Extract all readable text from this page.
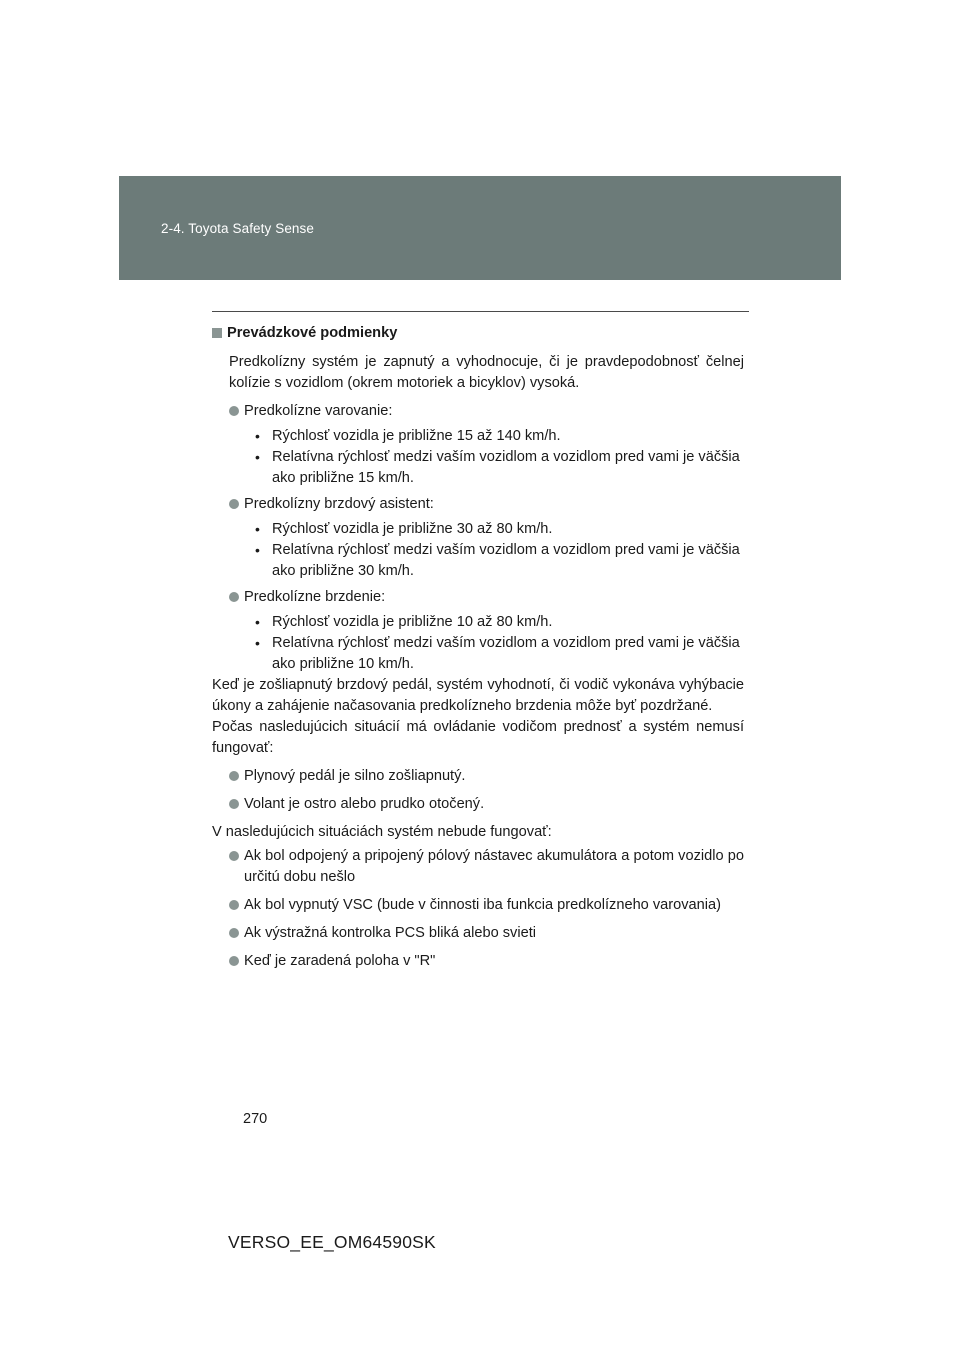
2-4. Toyota Safety Sense
Prevádzkové podmienky
Predkolízny systém je zapnutý a vyhodnocuje, či je pravdepodobnosť čelnej kolízie s vozidlom (okrem motoriek a bicyklov) vysoká.
Predkolízne varovanie:
• Rýchlosť vozidla je približne 15 až 140 km/h.
• Relatívna rýchlosť medzi vaším vozidlom a vozidlom pred vami je väčšia ako približne 15 km/h.
Predkolízny brzdový asistent:
• Rýchlosť vozidla je približne 30 až 80 km/h.
• Relatívna rýchlosť medzi vaším vozidlom a vozidlom pred vami je väčšia ako približne 30 km/h.
Predkolízne brzdenie:
• Rýchlosť vozidla je približne 10 až 80 km/h.
• Relatívna rýchlosť medzi vaším vozidlom a vozidlom pred vami je väčšia ako približne 10 km/h.
Keď je zošliapnutý brzdový pedál, systém vyhodnotí, či vodič vykonáva vyhýbacie úkony a zahájenie načasovania predkolízneho brzdenia môže byť pozdržané.
Počas nasledujúcich situácií má ovládanie vodičom prednosť a systém nemusí fungovať:
Plynový pedál je silno zošliapnutý.
Volant je ostro alebo prudko otočený.
V nasledujúcich situáciách systém nebude fungovať:
Ak bol odpojený a pripojený pólový nástavec akumulátora a potom vozidlo po určitú dobu nešlo
Ak bol vypnutý VSC (bude v činnosti iba funkcia predkolízneho varovania)
Ak výstražná kontrolka PCS bliká alebo svieti
Keď je zaradená poloha v "R"
270
VERSO_EE_OM64590SK
